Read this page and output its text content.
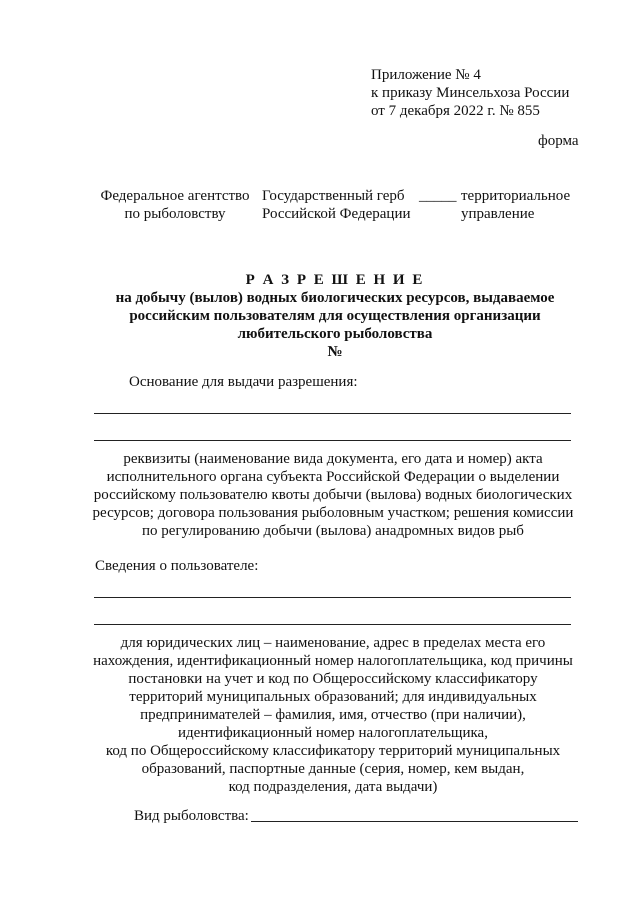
Приложение № 4
к приказу Минсельхоза России
от 7 декабря 2022 г. № 855
форма
Федеральное агентство
по рыболовству
Государственный герб
Российской Федерации
_____ территориальное
управление
Р А З Р Е Ш Е Н И Е
на добычу (вылов) водных биологических ресурсов, выдаваемое
российским пользователям для осуществления организации
любительского рыболовства
№
Основание для выдачи разрешения:
реквизиты (наименование вида документа, его дата и номер) акта
исполнительного органа субъекта Российской Федерации о выделении
российскому пользователю квоты добычи (вылова) водных биологических
ресурсов; договора пользования рыболовным участком; решения комиссии
по регулированию добычи (вылова) анадромных видов рыб
Сведения о пользователе:
для юридических лиц – наименование, адрес в пределах места его
нахождения, идентификационный номер налогоплательщика, код причины
постановки на учет и код по Общероссийскому классификатору
территорий муниципальных образований; для индивидуальных
предпринимателей – фамилия, имя, отчество (при наличии),
идентификационный номер налогоплательщика,
код по Общероссийскому классификатору территорий муниципальных
образований, паспортные данные (серия, номер, кем выдан,
код подразделения, дата выдачи)
Вид рыболовства:
